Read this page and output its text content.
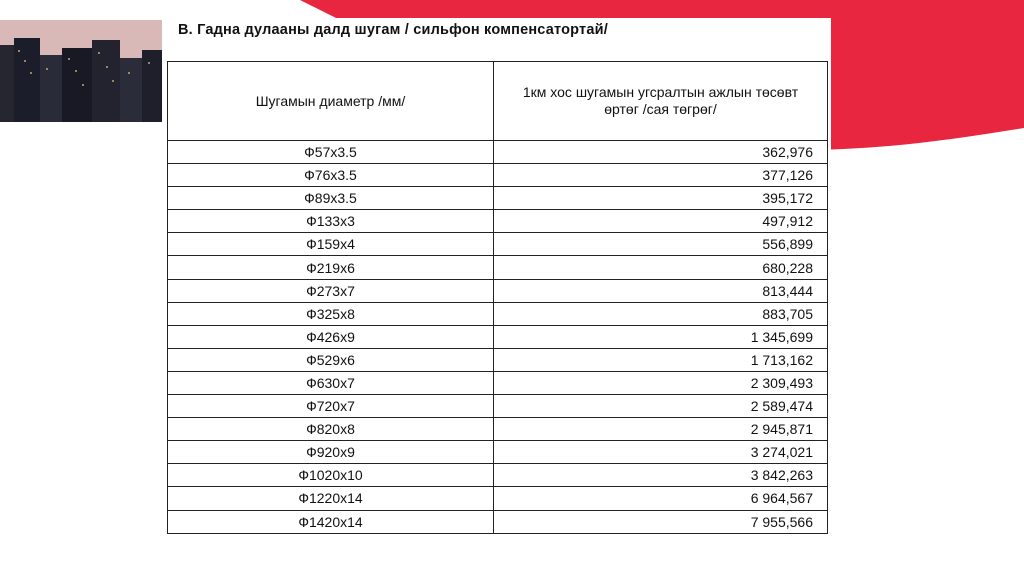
В. Гадна дулааны далд шугам / сильфон компенсатортай/
Шугамын диаметр /мм/	1км хос шугамын угсралтын ажлын төсөвт өртөг /сая төгрөг/

Ф57х3.5	362,976
Ф76х3.5	377,126
Ф89х3.5	395,172
Ф133х3	497,912
Ф159х4	556,899
Ф219х6	680,228
Ф273х7	813,444
Ф325х8	883,705
Ф426х9	1 345,699
Ф529х6	1 713,162
Ф630х7	2 309,493
Ф720х7	2 589,474
Ф820х8	2 945,871
Ф920х9	3 274,021
Ф1020х10	3 842,263
Ф1220х14	6 964,567
Ф1420х14	7 955,566
